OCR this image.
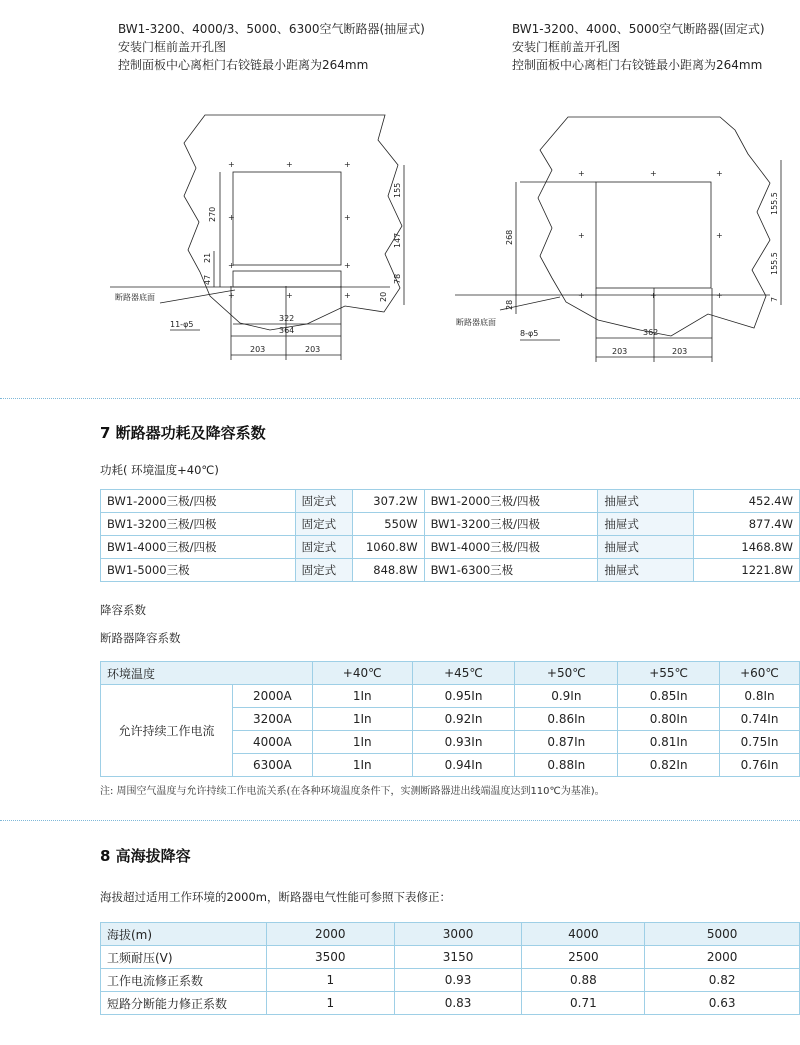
BW1-3200、4000/3、5000、6300空气断路器(抽屉式)
安装门框前盖开孔图
控制面板中心离柜门右铰链最小距离为264mm
BW1-3200、4000、5000空气断路器(固定式)
安装门框前盖开孔图
控制面板中心离柜门右铰链最小距离为264mm
+	+	+
+	+
+	+
+	+	+
155
270
147
21
47	78
20
322
364
203	203
断路器底面
11-φ5
+	+	+
+	+
+	+	+
155.5
268
155.5
28
7
362
203	203
断路器底面
8-φ5
7 断路器功耗及降容系数
功耗( 环境温度+40℃)
BW1-2000三极/四极	固定式	307.2W	BW1-2000三极/四极	抽屉式	452.4W
BW1-3200三极/四极	固定式	550W	BW1-3200三极/四极	抽屉式	877.4W
BW1-4000三极/四极	固定式	1060.8W	BW1-4000三极/四极	抽屉式	1468.8W
BW1-5000三极	固定式	848.8W	BW1-6300三极	抽屉式	1221.8W
降容系数
断路器降容系数
环境温度		+40℃	+45℃	+50℃	+55℃	+60℃
允许持续工作电流	2000A	1In	0.95In	0.9In	0.85In	0.8In
	3200A	1In	0.92In	0.86In	0.80In	0.74In
	4000A	1In	0.93In	0.87In	0.81In	0.75In
	6300A	1In	0.94In	0.88In	0.82In	0.76In
注: 周围空气温度与允许持续工作电流关系(在各种环境温度条件下，实测断路器进出线端温度达到110℃为基准)。
8 高海拔降容
海拔超过适用工作环境的2000m，断路器电气性能可参照下表修正：
海拔(m)	2000	3000	4000	5000
工频耐压(V)	3500	3150	2500	2000
工作电流修正系数	1	0.93	0.88	0.82
短路分断能力修正系数	1	0.83	0.71	0.63
